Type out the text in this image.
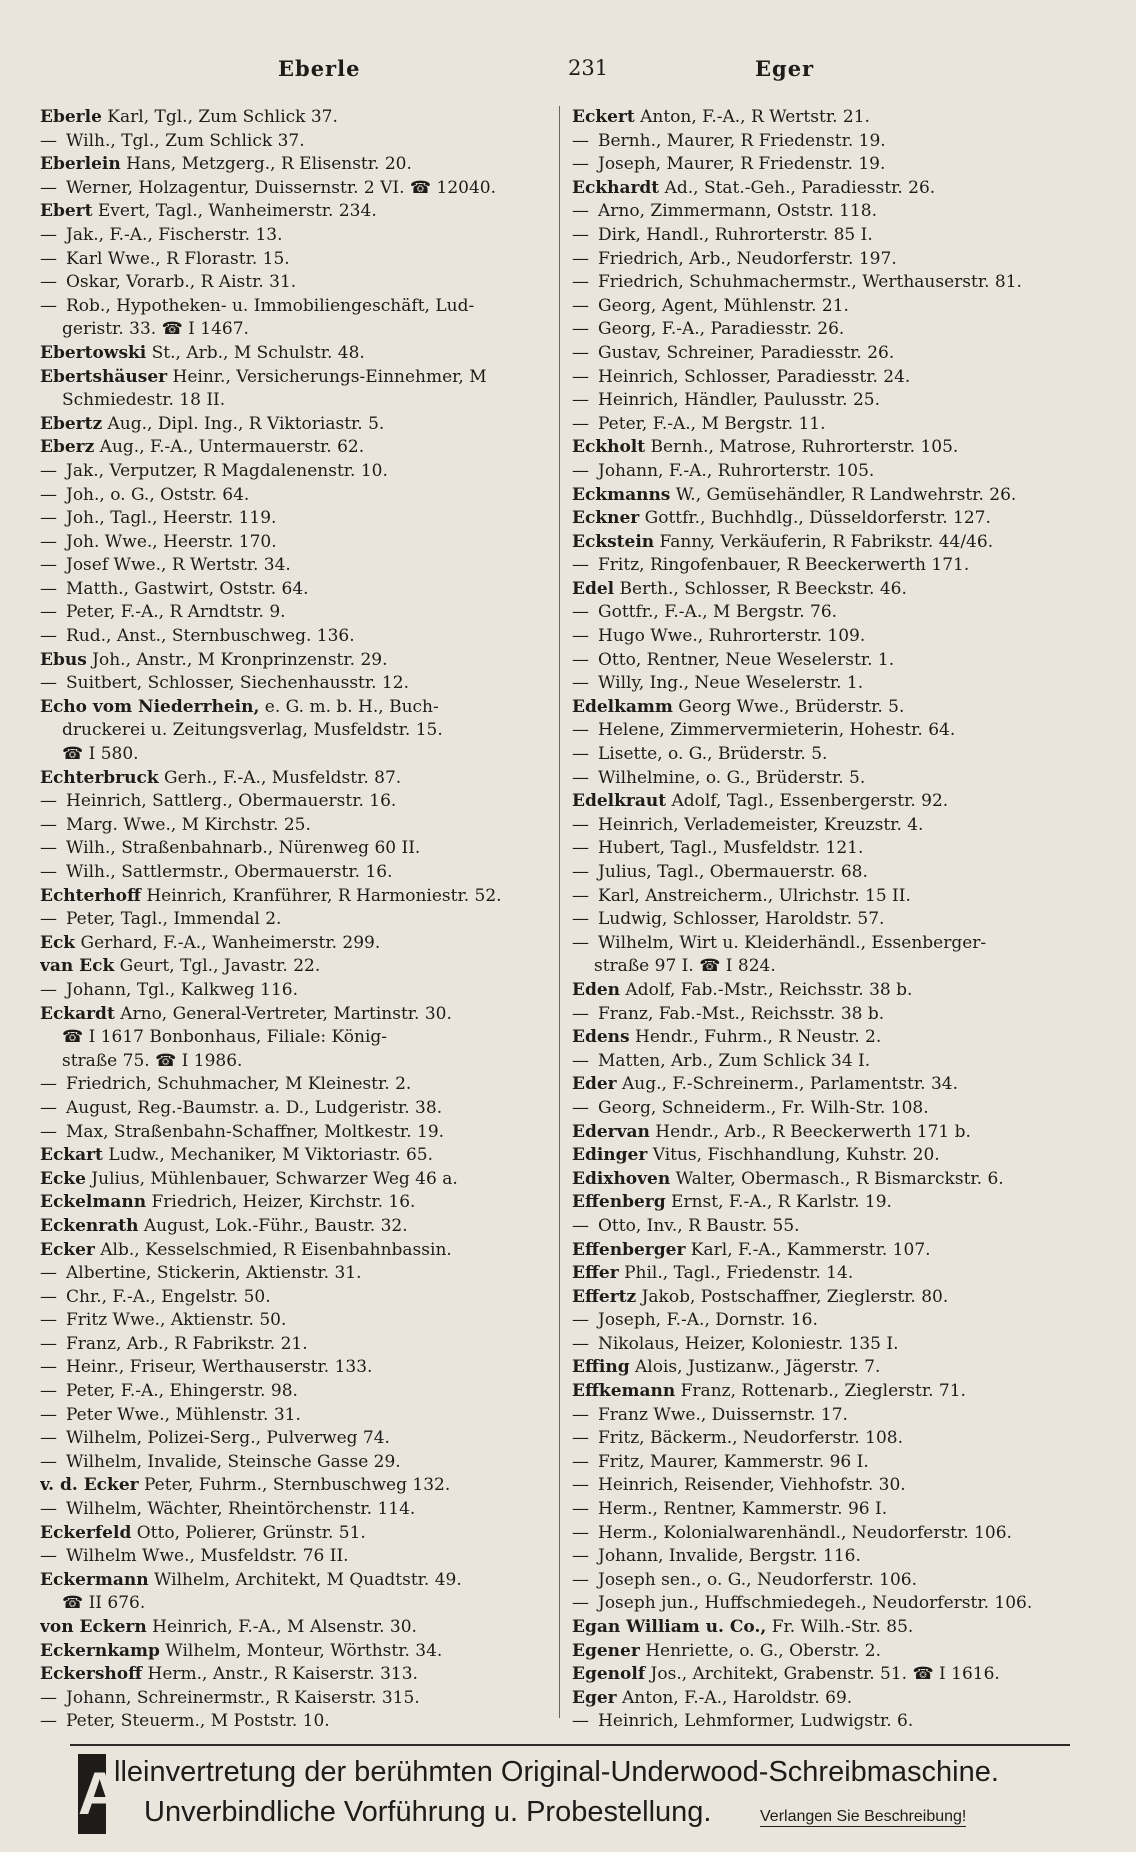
Eberle	231	Eger
Eberle Karl, Tgl., Zum Schlick 37.
— Wilh., Tgl., Zum Schlick 37.
Eberlein Hans, Metzgerg., R Elisenstr. 20.
— Werner, Holzagentur, Duissernstr. 2 VI. ☎ 12040.
Ebert Evert, Tagl., Wanheimerstr. 234.
— Jak., F.-A., Fischerstr. 13.
— Karl Wwe., R Florastr. 15.
— Oskar, Vorarb., R Aistr. 31.
— Rob., Hypotheken- u. Immobiliengeschäft, Lud-
geristr. 33. ☎ I 1467.
Ebertowski St., Arb., M Schulstr. 48.
Ebertshäuser Heinr., Versicherungs-Einnehmer, M
Schmiedestr. 18 II.
Ebertz Aug., Dipl. Ing., R Viktoriastr. 5.
Eberz Aug., F.-A., Untermauerstr. 62.
— Jak., Verputzer, R Magdalenenstr. 10.
— Joh., o. G., Oststr. 64.
— Joh., Tagl., Heerstr. 119.
— Joh. Wwe., Heerstr. 170.
— Josef Wwe., R Wertstr. 34.
— Matth., Gastwirt, Oststr. 64.
— Peter, F.-A., R Arndtstr. 9.
— Rud., Anst., Sternbuschweg. 136.
Ebus Joh., Anstr., M Kronprinzenstr. 29.
— Suitbert, Schlosser, Siechenhausstr. 12.
Echo vom Niederrhein, e. G. m. b. H., Buch-
druckerei u. Zeitungsverlag, Musfeldstr. 15.
☎ I 580.
Echterbruck Gerh., F.-A., Musfeldstr. 87.
— Heinrich, Sattlerg., Obermauerstr. 16.
— Marg. Wwe., M Kirchstr. 25.
— Wilh., Straßenbahnarb., Nürenweg 60 II.
— Wilh., Sattlermstr., Obermauerstr. 16.
Echterhoff Heinrich, Kranführer, R Harmoniestr. 52.
— Peter, Tagl., Immendal 2.
Eck Gerhard, F.-A., Wanheimerstr. 299.
van Eck Geurt, Tgl., Javastr. 22.
— Johann, Tgl., Kalkweg 116.
Eckardt Arno, General-Vertreter, Martinstr. 30.
☎ I 1617 Bonbonhaus, Filiale: König-
straße 75. ☎ I 1986.
— Friedrich, Schuhmacher, M Kleinestr. 2.
— August, Reg.-Baumstr. a. D., Ludgeristr. 38.
— Max, Straßenbahn-Schaffner, Moltkestr. 19.
Eckart Ludw., Mechaniker, M Viktoriastr. 65.
Ecke Julius, Mühlenbauer, Schwarzer Weg 46 a.
Eckelmann Friedrich, Heizer, Kirchstr. 16.
Eckenrath August, Lok.-Führ., Baustr. 32.
Ecker Alb., Kesselschmied, R Eisenbahnbassin.
— Albertine, Stickerin, Aktienstr. 31.
— Chr., F.-A., Engelstr. 50.
— Fritz Wwe., Aktienstr. 50.
— Franz, Arb., R Fabrikstr. 21.
— Heinr., Friseur, Werthauserstr. 133.
— Peter, F.-A., Ehingerstr. 98.
— Peter Wwe., Mühlenstr. 31.
— Wilhelm, Polizei-Serg., Pulverweg 74.
— Wilhelm, Invalide, Steinsche Gasse 29.
v. d. Ecker Peter, Fuhrm., Sternbuschweg 132.
— Wilhelm, Wächter, Rheintörchenstr. 114.
Eckerfeld Otto, Polierer, Grünstr. 51.
— Wilhelm Wwe., Musfeldstr. 76 II.
Eckermann Wilhelm, Architekt, M Quadtstr. 49.
☎ II 676.
von Eckern Heinrich, F.-A., M Alsenstr. 30.
Eckernkamp Wilhelm, Monteur, Wörthstr. 34.
Eckershoff Herm., Anstr., R Kaiserstr. 313.
— Johann, Schreinermstr., R Kaiserstr. 315.
— Peter, Steuerm., M Poststr. 10.
Eckert Anton, F.-A., R Wertstr. 21.
— Bernh., Maurer, R Friedenstr. 19.
— Joseph, Maurer, R Friedenstr. 19.
Eckhardt Ad., Stat.-Geh., Paradiesstr. 26.
— Arno, Zimmermann, Oststr. 118.
— Dirk, Handl., Ruhrorterstr. 85 I.
— Friedrich, Arb., Neudorferstr. 197.
— Friedrich, Schuhmachermstr., Werthauserstr. 81.
— Georg, Agent, Mühlenstr. 21.
— Georg, F.-A., Paradiesstr. 26.
— Gustav, Schreiner, Paradiesstr. 26.
— Heinrich, Schlosser, Paradiesstr. 24.
— Heinrich, Händler, Paulusstr. 25.
— Peter, F.-A., M Bergstr. 11.
Eckholt Bernh., Matrose, Ruhrorterstr. 105.
— Johann, F.-A., Ruhrorterstr. 105.
Eckmanns W., Gemüsehändler, R Landwehrstr. 26.
Eckner Gottfr., Buchhdlg., Düsseldorferstr. 127.
Eckstein Fanny, Verkäuferin, R Fabrikstr. 44/46.
— Fritz, Ringofenbauer, R Beeckerwerth 171.
Edel Berth., Schlosser, R Beeckstr. 46.
— Gottfr., F.-A., M Bergstr. 76.
— Hugo Wwe., Ruhrorterstr. 109.
— Otto, Rentner, Neue Weselerstr. 1.
— Willy, Ing., Neue Weselerstr. 1.
Edelkamm Georg Wwe., Brüderstr. 5.
— Helene, Zimmervermieterin, Hohestr. 64.
— Lisette, o. G., Brüderstr. 5.
— Wilhelmine, o. G., Brüderstr. 5.
Edelkraut Adolf, Tagl., Essenbergerstr. 92.
— Heinrich, Verlademeister, Kreuzstr. 4.
— Hubert, Tagl., Musfeldstr. 121.
— Julius, Tagl., Obermauerstr. 68.
— Karl, Anstreicherm., Ulrichstr. 15 II.
— Ludwig, Schlosser, Haroldstr. 57.
— Wilhelm, Wirt u. Kleiderhändl., Essenberger-
straße 97 I. ☎ I 824.
Eden Adolf, Fab.-Mstr., Reichsstr. 38 b.
— Franz, Fab.-Mst., Reichsstr. 38 b.
Edens Hendr., Fuhrm., R Neustr. 2.
— Matten, Arb., Zum Schlick 34 I.
Eder Aug., F.-Schreinerm., Parlamentstr. 34.
— Georg, Schneiderm., Fr. Wilh-Str. 108.
Edervan Hendr., Arb., R Beeckerwerth 171 b.
Edinger Vitus, Fischhandlung, Kuhstr. 20.
Edixhoven Walter, Obermasch., R Bismarckstr. 6.
Effenberg Ernst, F.-A., R Karlstr. 19.
— Otto, Inv., R Baustr. 55.
Effenberger Karl, F.-A., Kammerstr. 107.
Effer Phil., Tagl., Friedenstr. 14.
Effertz Jakob, Postschaffner, Zieglerstr. 80.
— Joseph, F.-A., Dornstr. 16.
— Nikolaus, Heizer, Koloniestr. 135 I.
Effing Alois, Justizanw., Jägerstr. 7.
Effkemann Franz, Rottenarb., Zieglerstr. 71.
— Franz Wwe., Duissernstr. 17.
— Fritz, Bäckerm., Neudorferstr. 108.
— Fritz, Maurer, Kammerstr. 96 I.
— Heinrich, Reisender, Viehhofstr. 30.
— Herm., Rentner, Kammerstr. 96 I.
— Herm., Kolonialwarenhändl., Neudorferstr. 106.
— Johann, Invalide, Bergstr. 116.
— Joseph sen., o. G., Neudorferstr. 106.
— Joseph jun., Huffschmiedegeh., Neudorferstr. 106.
Egan William u. Co., Fr. Wilh.-Str. 85.
Egener Henriette, o. G., Oberstr. 2.
Egenolf Jos., Architekt, Grabenstr. 51. ☎ I 1616.
Eger Anton, F.-A., Haroldstr. 69.
— Heinrich, Lehmformer, Ludwigstr. 6.
A
lleinvertretung der berühmten Original-Underwood-Schreibmaschine.
Unverbindliche Vorführung u. Probestellung.	Verlangen Sie Beschreibung!
